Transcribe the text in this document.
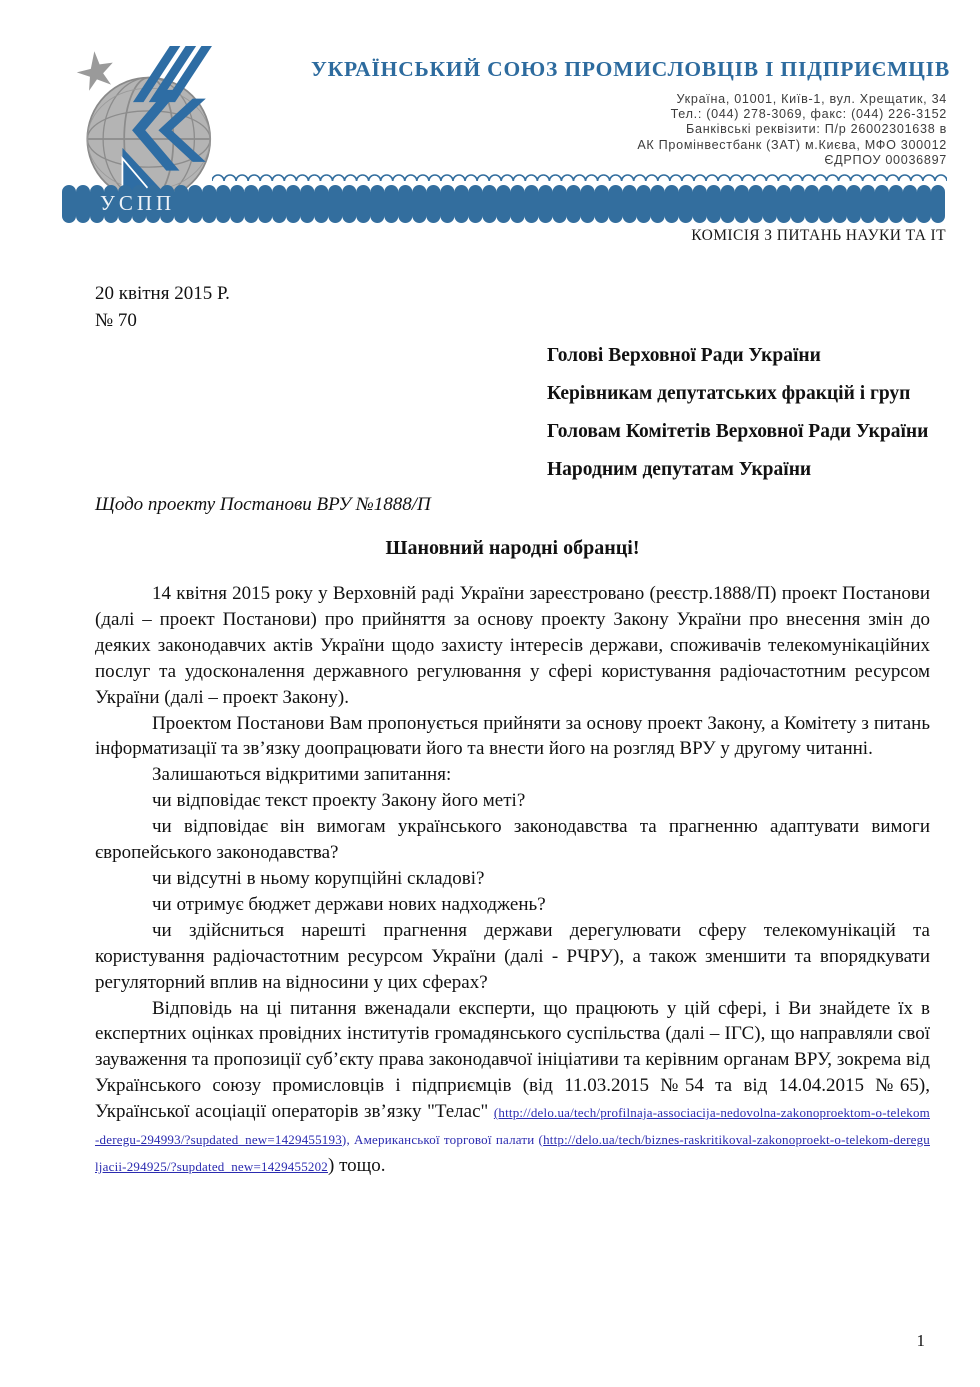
УКРАЇНСЬКИЙ СОЮЗ ПРОМИСЛОВЦІВ І ПІДПРИЄМЦІВ
Україна, 01001, Київ-1, вул. Хрещатик, 34
Тел.: (044) 278-3069, факс: (044) 226-3152
Банківські реквізити: П/р 26002301638 в
АК Промінвестбанк (ЗАТ) м.Києва, МФО 300012
ЄДРПОУ 00036897
УСПП
КОМІСІЯ З ПИТАНЬ НАУКИ ТА ІТ
20 квітня 2015 Р.
№ 70
Голові Верховної Ради України
Керівникам депутатських фракцій і груп
Головам Комітетів Верховної Ради України
Народним депутатам України

Щодо проекту Постанови ВРУ №1888/П

Шановний народні обранці!

14 квітня 2015 року у Верховній раді України зареєстровано (реєстр.1888/П) проект Постанови (далі – проект Постанови) про прийняття за основу проекту Закону України про внесення змін до деяких законодавчих актів України щодо захисту інтересів держави, споживачів телекомунікаційних послуг та удосконалення державного регулювання у сфері користування радіочастотним ресурсом України (далі – проект Закону).

Проектом Постанови Вам пропонується прийняти за основу проект Закону, а Комітету з питань інформатизації та зв’язку доопрацювати його та внести його на розгляд ВРУ у другому читанні.

Залишаються відкритими запитання:

чи відповідає текст проекту Закону його меті?

чи відповідає він вимогам українського законодавства та прагненню адаптувати вимоги європейського законодавства?

чи відсутні в ньому корупційні складові?

чи отримує бюджет держави нових надходжень?

чи здійсниться нарешті прагнення держави дерегулювати сферу телекомунікацій та користування радіочастотним ресурсом України (далі - РЧРУ), а також зменшити та впорядкувати регуляторний вплив на відносини у цих сферах?

Відповідь на ці питання вженадали експерти, що працюють у цій сфері, і Ви знайдете їх в експертних оцінках провідних інститутів громадянського суспільства (далі – ІГС), що направляли свої зауваження та пропозиції суб’єкту права законодавчої ініціативи та керівним органам ВРУ, зокрема від Українського союзу промисловців і підприємців (від 11.03.2015 №54 та від 14.04.2015 №65), Української асоціації операторів зв’язку "Телас" (http://delo.ua/tech/profilnaja-associacija-nedovolna-zakonoproektom-o-telekom-deregu-294993/?supdated_new=1429455193), Американської торгової палати (http://delo.ua/tech/biznes-raskritikoval-zakonoproekt-o-telekom-dereguljacii-294925/?supdated_new=1429455202) тощо.

1
